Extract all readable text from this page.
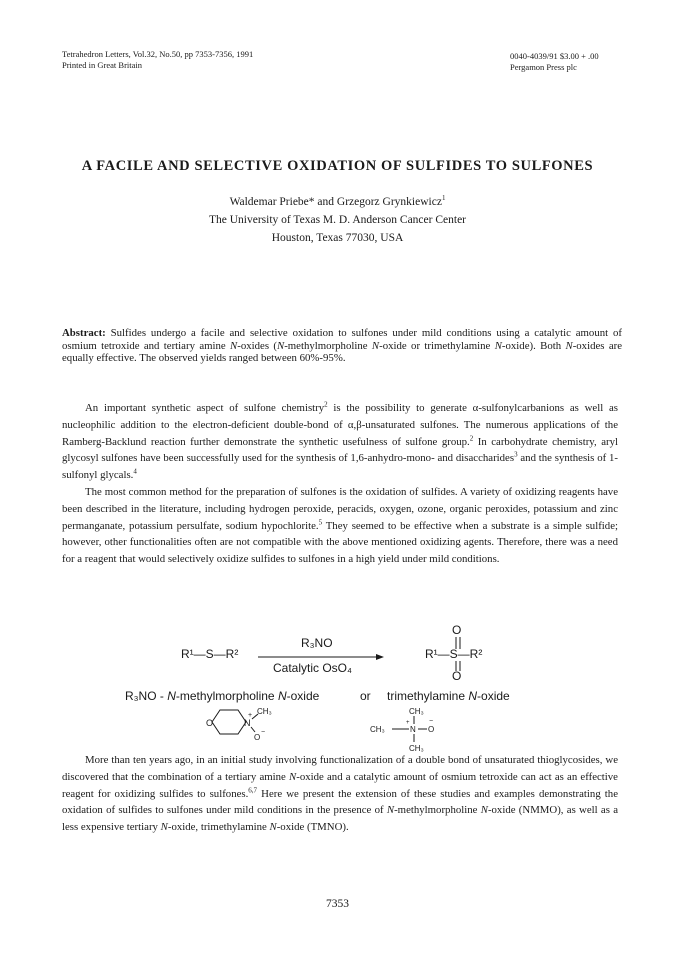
Tetrahedron Letters, Vol.32, No.50, pp 7353-7356, 1991
Printed in Great Britain
0040-4039/91 $3.00 + .00
Pergamon Press plc
A FACILE AND SELECTIVE OXIDATION OF SULFIDES TO SULFONES
Waldemar Priebe* and Grzegorz Grynkiewicz$^1$
The University of Texas M. D. Anderson Cancer Center
Houston, Texas 77030, USA
Abstract: Sulfides undergo a facile and selective oxidation to sulfones under mild conditions using a catalytic amount of osmium tetroxide and tertiary amine N-oxides (N-methylmorpholine N-oxide or trimethylamine N-oxide). Both N-oxides are equally effective. The observed yields ranged between 60%-95%.

An important synthetic aspect of sulfone chemistry$^2$ is the possibility to generate α-sulfonylcarbanions as well as nucleophilic addition to the electron-deficient double-bond of α,β-unsaturated sulfones. The numerous applications of the Ramberg-Backlund reaction further demonstrate the synthetic usefulness of sulfone group.$^2$ In carbohydrate chemistry, aryl glycosyl sulfones have been successfully used for the synthesis of 1,6-anhydro-mono- and disaccharides$^3$ and the synthesis of 1-sulfonyl glycals.$^4$

The most common method for the preparation of sulfones is the oxidation of sulfides. A variety of oxidizing reagents have been described in the literature, including hydrogen peroxide, peracids, oxygen, ozone, organic peroxides, potassium and zinc permanganate, potassium persulfate, sodium hypochlorite.$^5$ They seemed to be effective when a substrate is a simple sulfide; however, other functionalities often are not compatible with the above mentioned oxidizing agents. Therefore, there was a need for a reagent that would selectively oxidize sulfides to sulfones in a high yield under mild conditions.

R¹—S—R²
R₃NO
Catalytic OsO₄
O
R¹—S—R²
O
R₃NO - N-methylmorpholine N-oxide	or trimethylamine N-oxide
O	N
+ CH₃
O
−
CH₃
CH₃	N
+
O
−
CH₃

More than ten years ago, in an initial study involving functionalization of a double bond of unsaturated thioglycosides, we discovered that the combination of a tertiary amine N-oxide and a catalytic amount of osmium tetroxide can act as an effective reagent for oxidizing sulfides to sulfones.$^{6,7}$ Here we present the extension of these studies and examples demonstrating the oxidation of sulfides to sulfones under mild conditions in the presence of N-methylmorpholine N-oxide (NMMO), as well as a less expensive tertiary N-oxide, trimethylamine N-oxide (TMNO).

7353
